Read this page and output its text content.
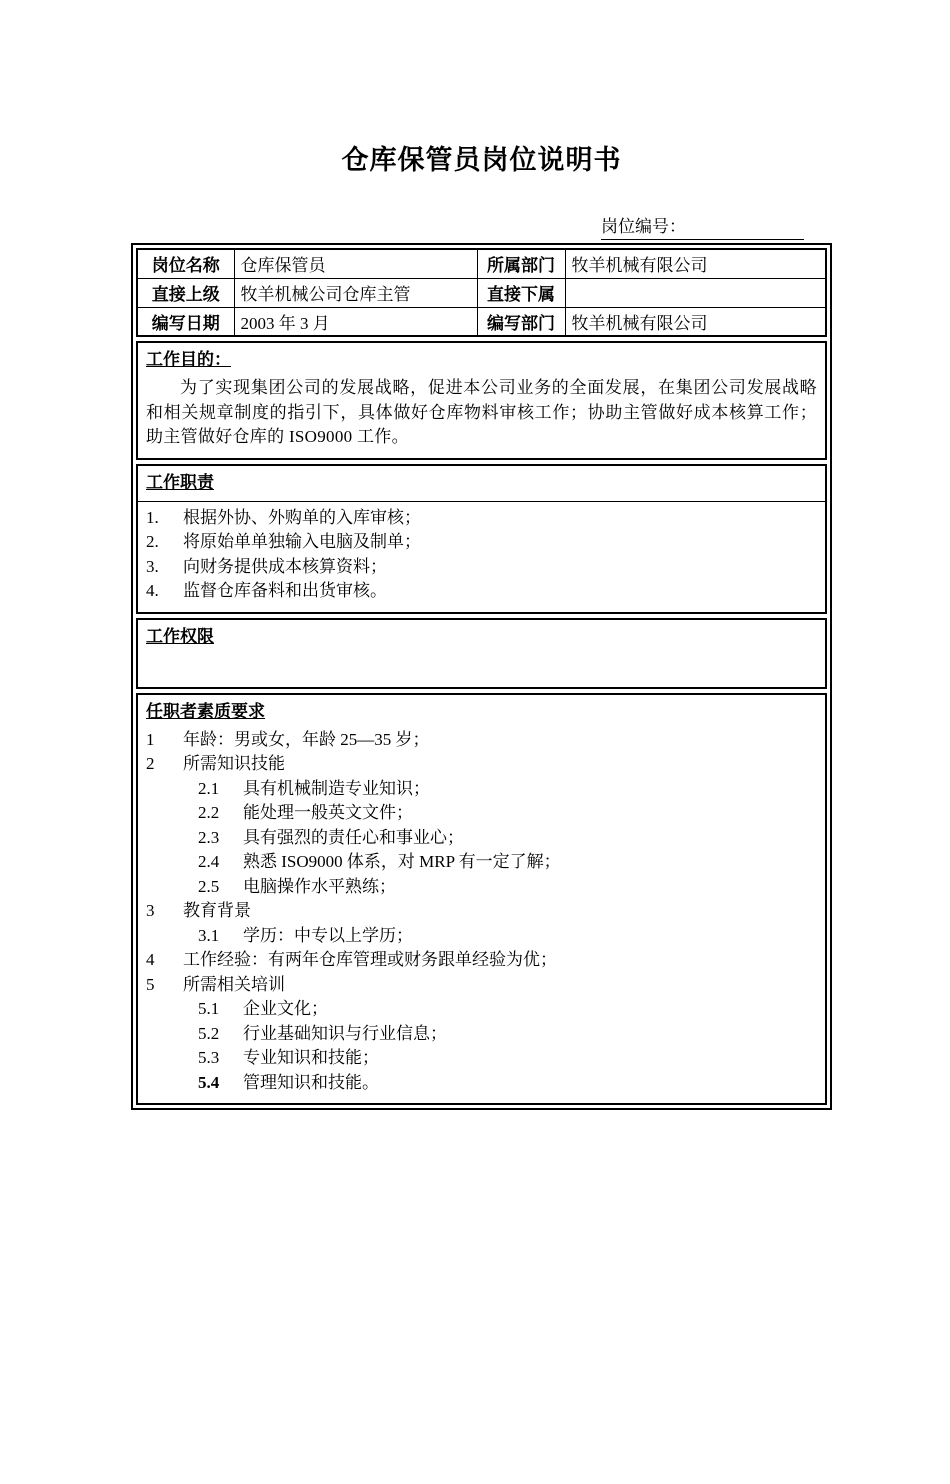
仓库保管员岗位说明书
岗位编号：
岗位名称	仓库保管员	所属部门	牧羊机械有限公司
直接上级	牧羊机械公司仓库主管	直接下属	
编写日期	2003 年 3 月	编写部门	牧羊机械有限公司
工作目的：
为了实现集团公司的发展战略，促进本公司业务的全面发展，在集团公司发展战略和相关规章制度的指引下，具体做好仓库物料审核工作；协助主管做好成本核算工作；助主管做好仓库的 ISO9000 工作。
工作职责
1.	根据外协、外购单的入库审核；
2.	将原始单单独输入电脑及制单；
3.	向财务提供成本核算资料；
4.	监督仓库备料和出货审核。
工作权限
任职者素质要求
1	年龄：男或女，年龄 25—35 岁；
2	所需知识技能
2.1	具有机械制造专业知识；
2.2	能处理一般英文文件；
2.3	具有强烈的责任心和事业心；
2.4	熟悉 ISO9000 体系，对 MRP 有一定了解；
2.5	电脑操作水平熟练；
3	教育背景
3.1	学历：中专以上学历；
4	工作经验：有两年仓库管理或财务跟单经验为优；
5	所需相关培训
5.1	企业文化；
5.2	行业基础知识与行业信息；
5.3	专业知识和技能；
5.4	管理知识和技能。
